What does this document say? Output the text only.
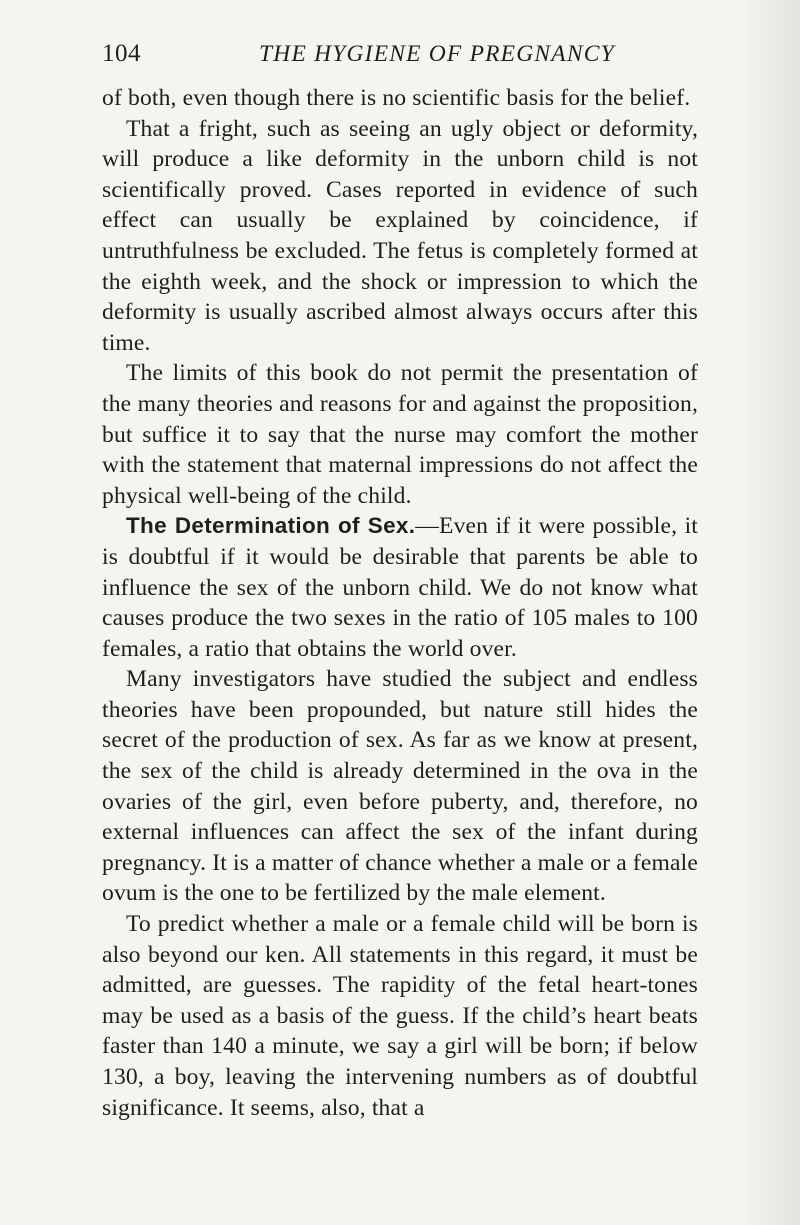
104	THE HYGIENE OF PREGNANCY

of both, even though there is no scientific basis for the belief.

That a fright, such as seeing an ugly object or deformity, will produce a like deformity in the unborn child is not scientifically proved. Cases reported in evidence of such effect can usually be explained by coincidence, if untruthfulness be excluded. The fetus is completely formed at the eighth week, and the shock or impression to which the deformity is usually ascribed almost always occurs after this time.

The limits of this book do not permit the presentation of the many theories and reasons for and against the proposition, but suffice it to say that the nurse may comfort the mother with the statement that maternal impressions do not affect the physical well-being of the child.

The Determination of Sex.—Even if it were possible, it is doubtful if it would be desirable that parents be able to influence the sex of the unborn child. We do not know what causes produce the two sexes in the ratio of 105 males to 100 females, a ratio that obtains the world over.

Many investigators have studied the subject and endless theories have been propounded, but nature still hides the secret of the production of sex. As far as we know at present, the sex of the child is already determined in the ova in the ovaries of the girl, even before puberty, and, therefore, no external influences can affect the sex of the infant during pregnancy. It is a matter of chance whether a male or a female ovum is the one to be fertilized by the male element.

To predict whether a male or a female child will be born is also beyond our ken. All statements in this regard, it must be admitted, are guesses. The rapidity of the fetal heart-tones may be used as a basis of the guess. If the child’s heart beats faster than 140 a minute, we say a girl will be born; if below 130, a boy, leaving the intervening numbers as of doubtful significance. It seems, also, that a
